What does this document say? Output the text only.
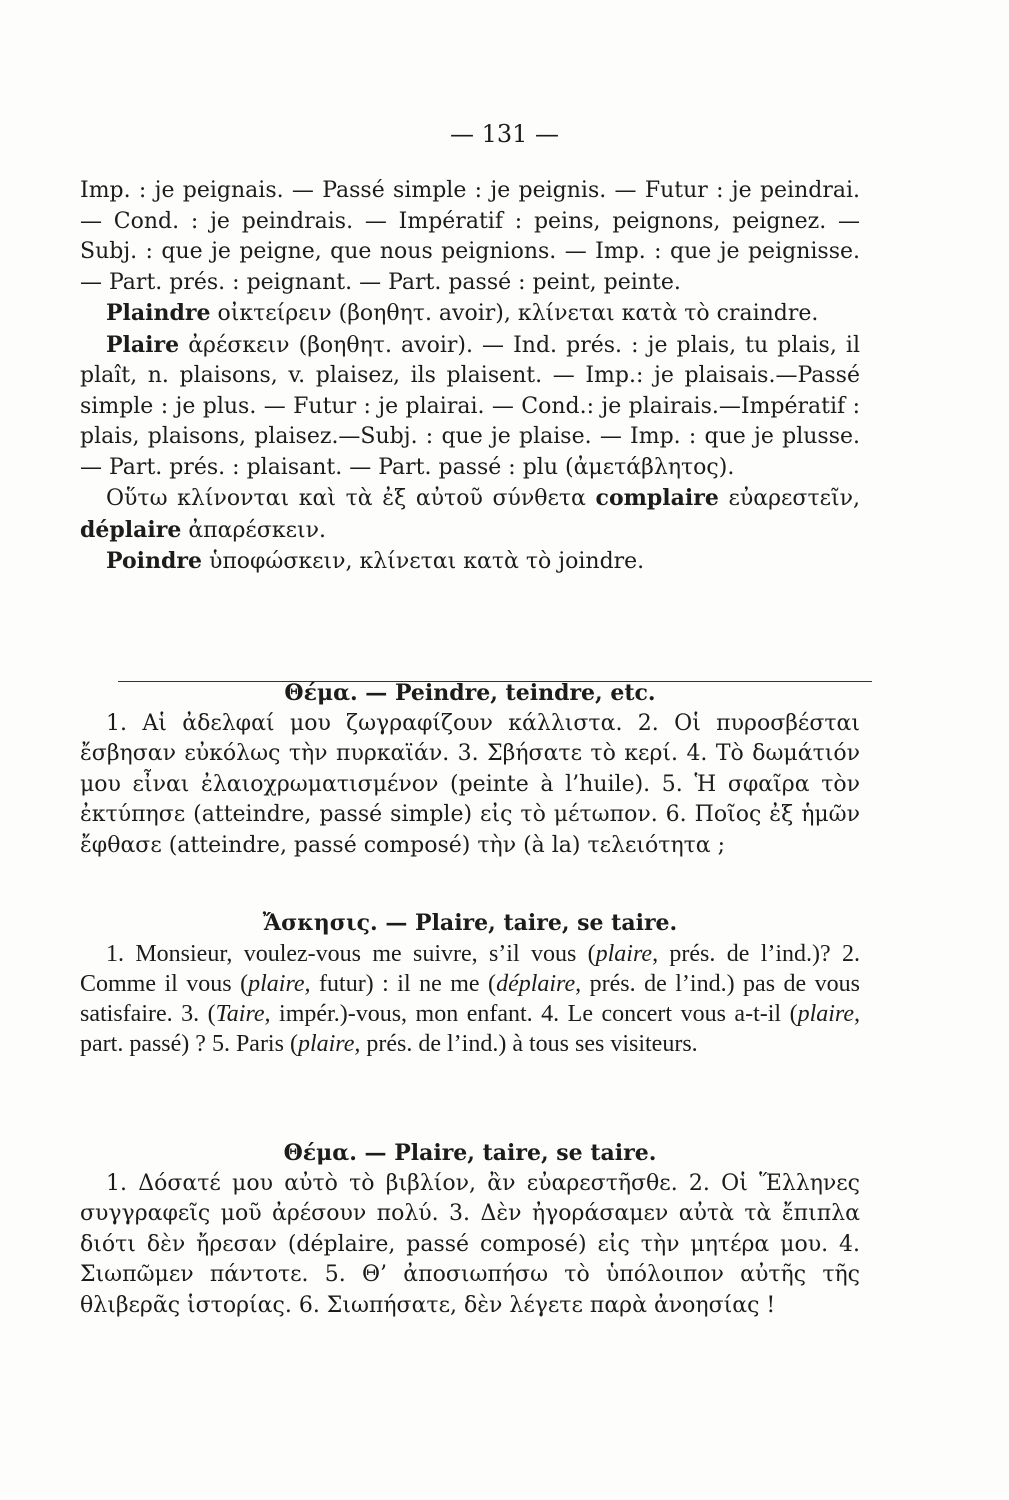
— 131 —

Imp. : je peignais. — Passé simple : je peignis. — Futur : je peindrai. — Cond. : je peindrais. — Impératif : peins, peignons, peignez. — Subj. : que je peigne, que nous peignions. — Imp. : que je peignisse. — Part. prés. : peignant. — Part. passé : peint, peinte.

Plaindre οἰκτείρειν (βοηθητ. avoir), κλίνεται κατὰ τὸ craindre.

Plaire ἀρέσκειν (βοηθητ. avoir). — Ind. prés. : je plais, tu plais, il plaît, n. plaisons, v. plaisez, ils plaisent. — Imp.: je plaisais.—Passé simple : je plus. — Futur : je plairai. — Cond.: je plairais.—Impératif : plais, plaisons, plaisez.—Subj. : que je plaise. — Imp. : que je plusse. — Part. prés. : plaisant. — Part. passé : plu (ἀμετάβλητος).

Οὕτω κλίνονται καὶ τὰ ἐξ αὐτοῦ σύνθετα complaire εὐαρεστεῖν, déplaire ἀπαρέσκειν.

Poindre ὑποφώσκειν, κλίνεται κατὰ τὸ joindre.

Θέμα. — Peindre, teindre, etc.

1. Αἱ ἀδελφαί μου ζωγραφίζουν κάλλιστα. 2. Οἱ πυροσβέσται ἔσβησαν εὐκόλως τὴν πυρκαϊάν. 3. Σβήσατε τὸ κερί. 4. Τὸ δωμάτιόν μου εἶναι ἐλαιοχρωματισμένον (peinte à l’huile). 5. Ἡ σφαῖρα τὸν ἐκτύπησε (atteindre, passé simple) εἰς τὸ μέτωπον. 6. Ποῖος ἐξ ἡμῶν ἔφθασε (atteindre, passé composé) τὴν (à la) τελειότητα ;

Ἄσκησις. — Plaire, taire, se taire.

1. Monsieur, voulez-vous me suivre, s’il vous (plaire, prés. de l’ind.)? 2. Comme il vous (plaire, futur) : il ne me (déplaire, prés. de l’ind.) pas de vous satisfaire. 3. (Taire, impér.)-vous, mon enfant. 4. Le concert vous a-t-il (plaire, part. passé) ? 5. Paris (plaire, prés. de l’ind.) à tous ses visiteurs.

Θέμα. — Plaire, taire, se taire.

1. Δόσατέ μου αὐτὸ τὸ βιβλίον, ἂν εὐαρεστῆσθε. 2. Οἱ Ἕλληνες συγγραφεῖς μοῦ ἀρέσουν πολύ. 3. Δὲν ἠγοράσαμεν αὐτὰ τὰ ἔπιπλα διότι δὲν ἤρεσαν (déplaire, passé composé) εἰς τὴν μητέρα μου. 4. Σιωπῶμεν πάντοτε. 5. Θ’ ἀποσιωπήσω τὸ ὑπόλοιπον αὐτῆς τῆς θλιβερᾶς ἱστορίας. 6. Σιωπήσατε, δὲν λέγετε παρὰ ἀνοησίας !
